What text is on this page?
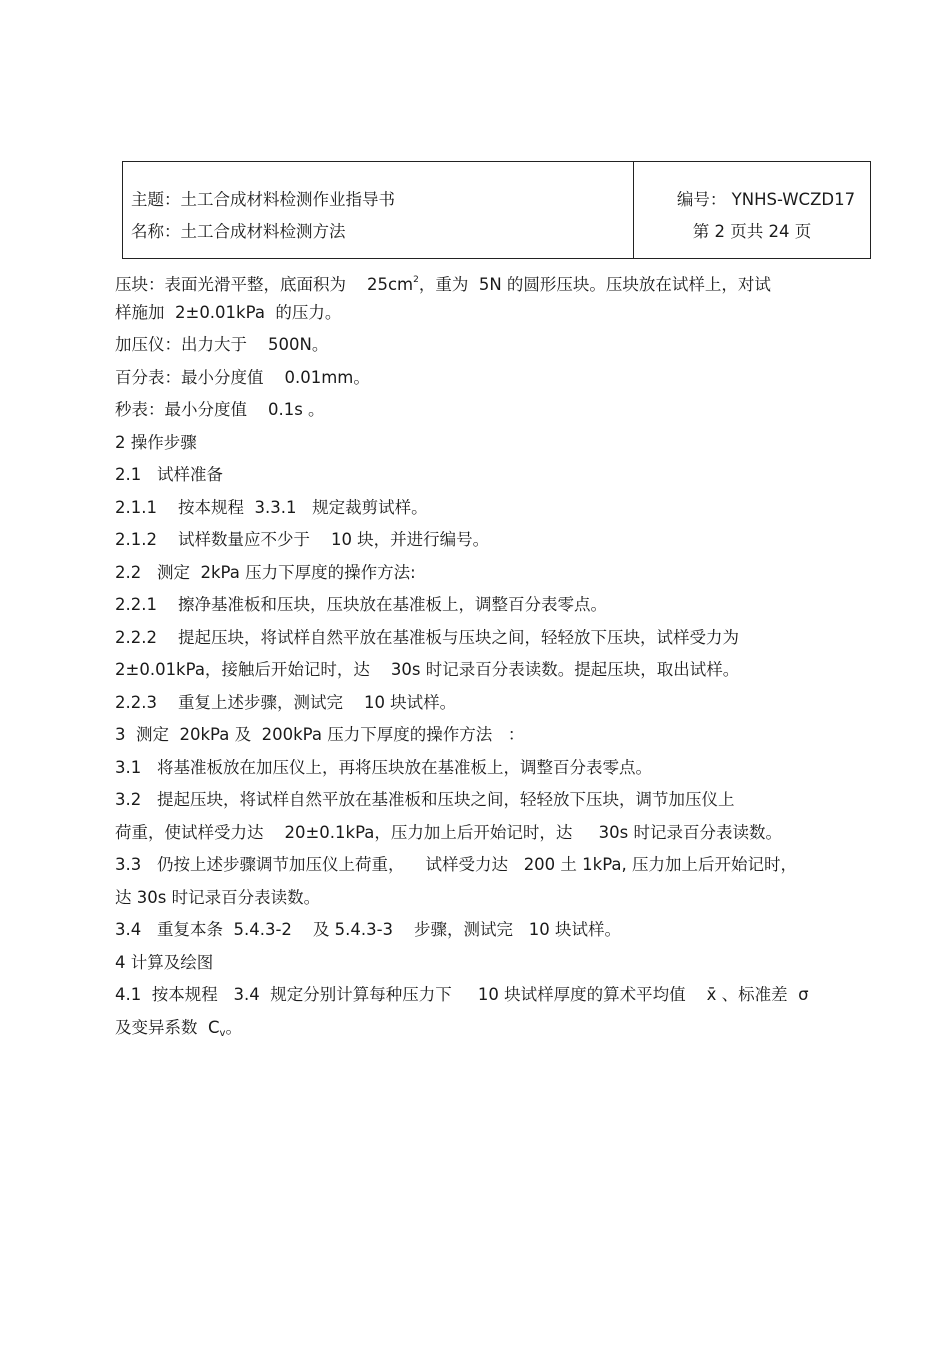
主题：土工合成材料检测作业指导书
名称：土工合成材料检测方法
编号： YNHS-WCZD17
第 2 页共 24 页
压块：表面光滑平整，底面积为    $25cm^2$，重为  5N 的圆形压块。压块放在试样上，对试
样施加  2±0.01kPa  的压力。
加压仪：出力大于    500N。
百分表：最小分度值    0.01mm。
秒表：最小分度值    0.1s 。
2 操作步骤
2.1   试样准备
2.1.1    按本规程  3.3.1   规定裁剪试样。
2.1.2    试样数量应不少于    10 块，并进行编号。
2.2   测定  2kPa 压力下厚度的操作方法:
2.2.1    擦净基准板和压块，压块放在基准板上，调整百分表零点。
2.2.2    提起压块，将试样自然平放在基准板与压块之间，轻轻放下压块，试样受力为
2±0.01kPa，接触后开始记时，达    30s 时记录百分表读数。提起压块，取出试样。
2.2.3    重复上述步骤，测试完    10 块试样。
3  测定  20kPa 及  200kPa 压力下厚度的操作方法   ：
3.1   将基准板放在加压仪上，再将压块放在基准板上，调整百分表零点。
3.2   提起压块，将试样自然平放在基准板和压块之间，轻轻放下压块，调节加压仪上
荷重，使试样受力达    20±0.1kPa，压力加上后开始记时，达     30s 时记录百分表读数。
3.3   仍按上述步骤调节加压仪上荷重，    试样受力达   200 土 1kPa, 压力加上后开始记时，
达 30s 时记录百分表读数。
3.4   重复本条  5.4.3-2    及 5.4.3-3    步骤，测试完   10 块试样。
4 计算及绘图
4.1  按本规程   3.4  规定分别计算每种压力下     10 块试样厚度的算术平均值    x̄ 、标准差  σ
及变异系数  $C_v$。
